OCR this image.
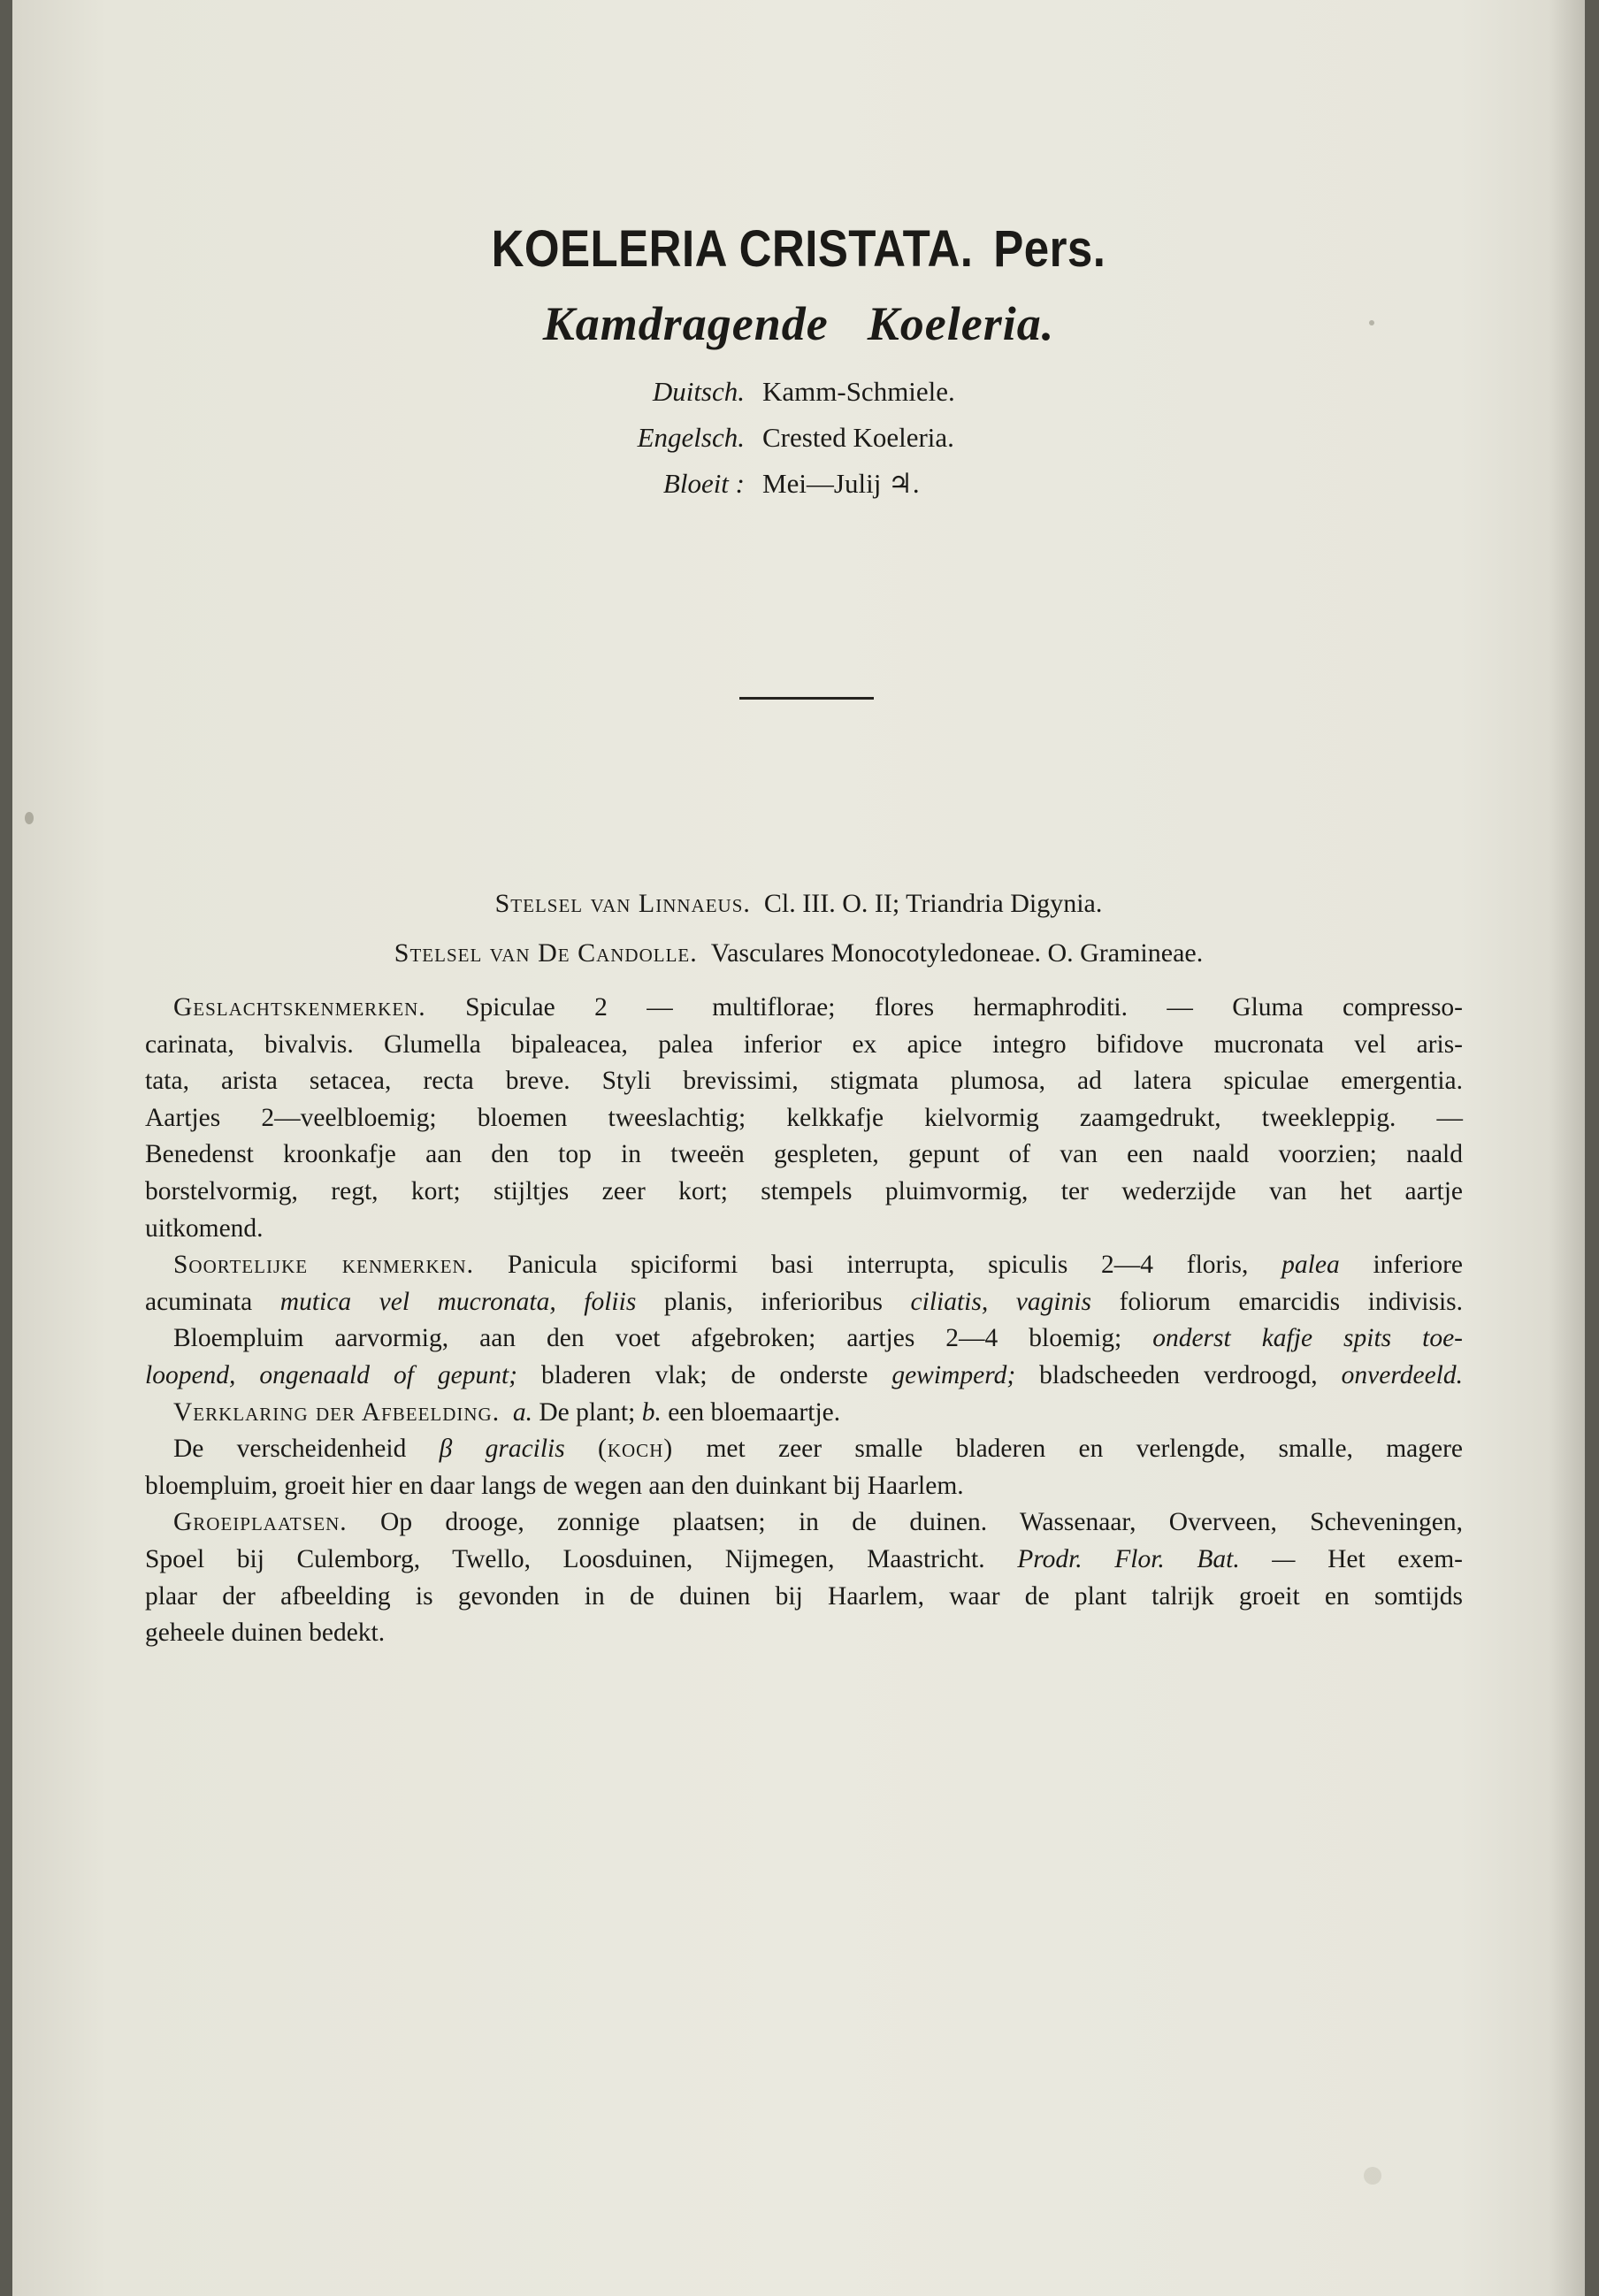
KOELERIA CRISTATA. Pers.
Kamdragende Koeleria.
Duitsch. Kamm-Schmiele.
Engelsch. Crested Koeleria.
Bloeit : Mei—Julij ♃.
Stelsel van Linnaeus. Cl. III. O. II; Triandria Digynia.
Stelsel van De Candolle. Vasculares Monocotyledoneae. O. Gramineae.
Geslachtskenmerken. Spiculae 2 — multiflorae; flores hermaphroditi. — Gluma compresso-
carinata, bivalvis. Glumella bipaleacea, palea inferior ex apice integro bifidove mucronata vel aris-
tata, arista setacea, recta breve. Styli brevissimi, stigmata plumosa, ad latera spiculae emergentia.
Aartjes 2—veelbloemig; bloemen tweeslachtig; kelkkafje kielvormig zaamgedrukt, tweekleppig. —
Benedenst kroonkafje aan den top in tweeën gespleten, gepunt of van een naald voorzien; naald
borstelvormig, regt, kort; stijltjes zeer kort; stempels pluimvormig, ter wederzijde van het aartje
uitkomend.
Soortelijke kenmerken. Panicula spiciformi basi interrupta, spiculis 2—4 floris, palea inferiore
acuminata mutica vel mucronata, foliis planis, inferioribus ciliatis, vaginis foliorum emarcidis indivisis.
Bloempluim aarvormig, aan den voet afgebroken; aartjes 2—4 bloemig; onderst kafje spits toe-
loopend, ongenaald of gepunt; bladeren vlak; de onderste gewimperd; bladscheeden verdroogd, onverdeeld.
Verklaring der Afbeelding. a. De plant; b. een bloemaartje.
De verscheidenheid β gracilis (koch) met zeer smalle bladeren en verlengde, smalle, magere
bloempluim, groeit hier en daar langs de wegen aan den duinkant bij Haarlem.
Groeiplaatsen. Op drooge, zonnige plaatsen; in de duinen. Wassenaar, Overveen, Scheveningen,
Spoel bij Culemborg, Twello, Loosduinen, Nijmegen, Maastricht. Prodr. Flor. Bat. — Het exem-
plaar der afbeelding is gevonden in de duinen bij Haarlem, waar de plant talrijk groeit en somtijds
geheele duinen bedekt.
